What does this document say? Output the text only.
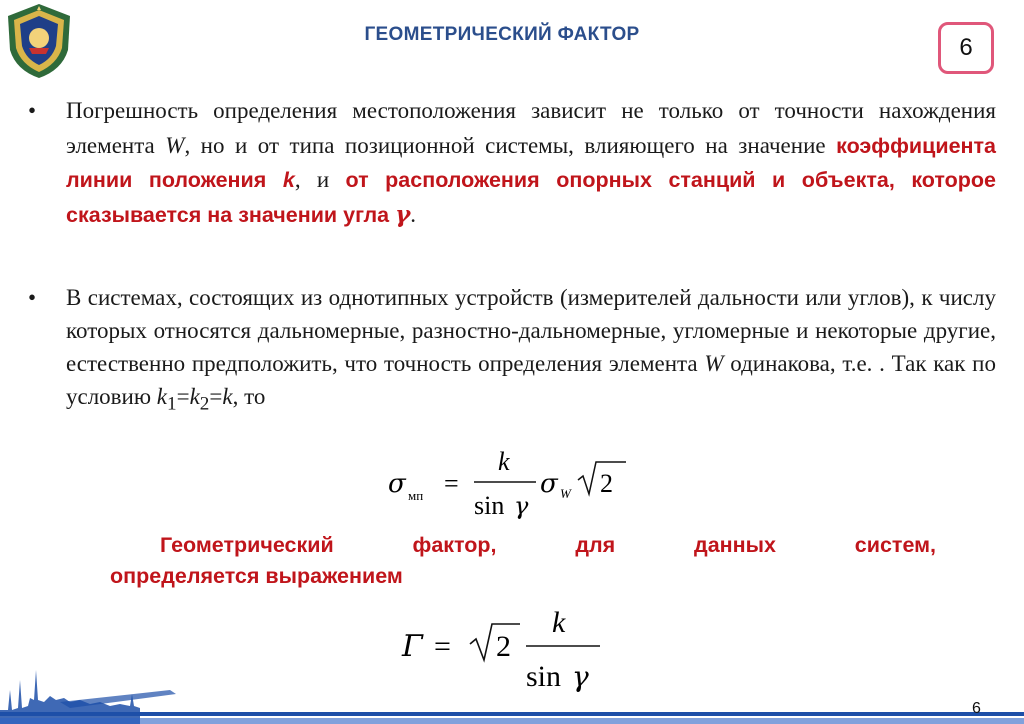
ГЕОМЕТРИЧЕСКИЙ ФАКТОР	6
• Погрешность определения местоположения зависит не только от точности нахождения элемента W, но и от типа позиционной системы, влияющего на значение коэффициента линии положения k, и от расположения опорных станций и объекта, которое сказывается на значении угла γ.
• В системах, состоящих из однотипных устройств (измерителей дальности или углов), к числу которых относятся дальномерные, разностно-дальномерные, угломерные и некоторые другие, естественно предположить, что точность определения элемента W одинакова, т.е. . Так как по условию $k_1=k_2=k$, то
σ мп =
k
sin γ
σ W 2
Геометрический	фактор,	для	данных	систем,
определяется выражением
Γ = 2
k
sin γ
6
